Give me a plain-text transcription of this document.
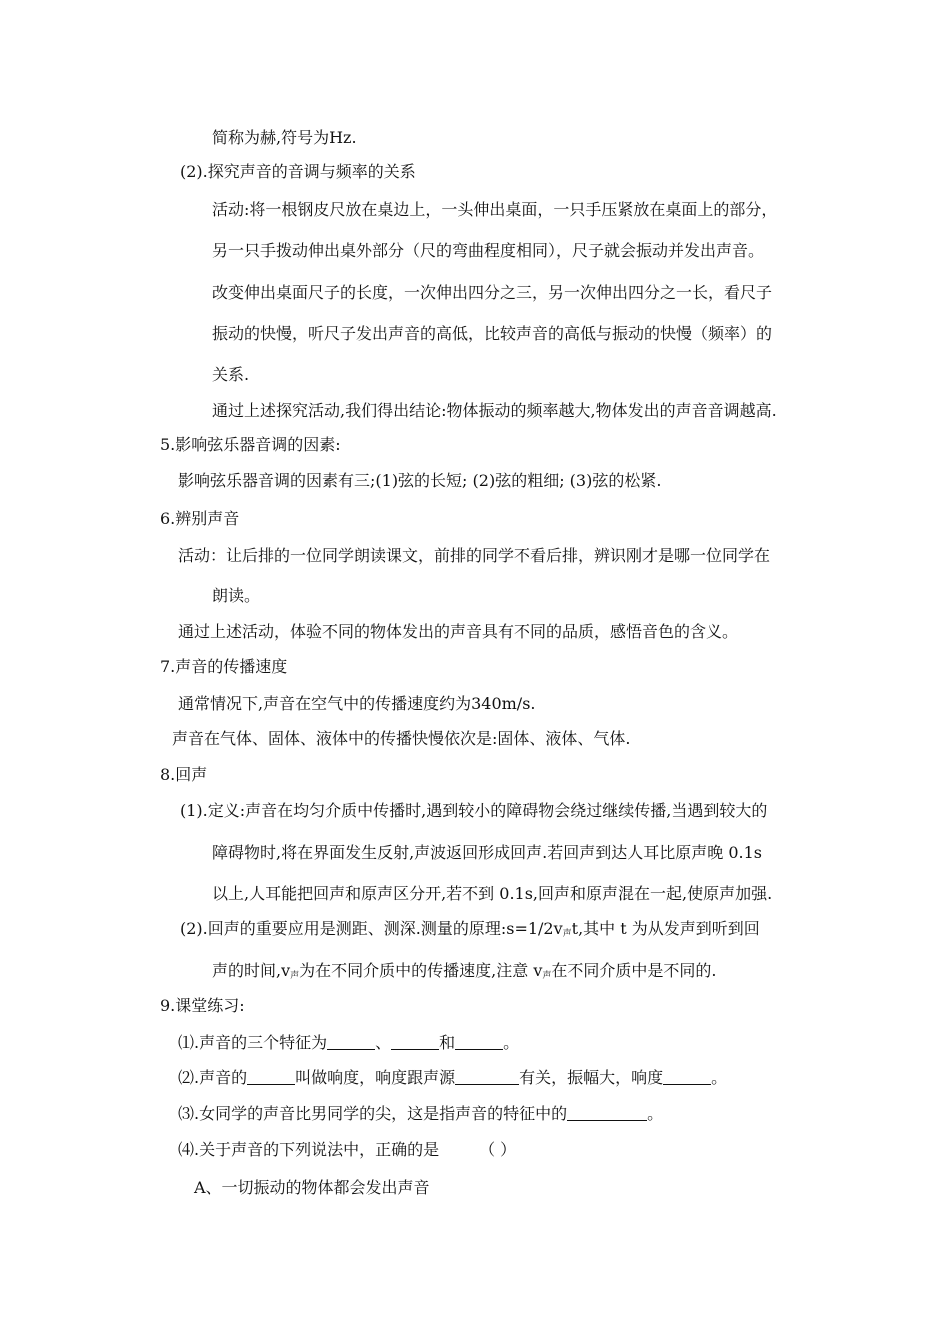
简称为赫,符号为Hz.
(2).探究声音的音调与频率的关系
活动:将一根钢皮尺放在桌边上，一头伸出桌面，一只手压紧放在桌面上的部分，
另一只手拨动伸出桌外部分（尺的弯曲程度相同），尺子就会振动并发出声音。
改变伸出桌面尺子的长度，一次伸出四分之三，另一次伸出四分之一长，看尺子
振动的快慢，听尺子发出声音的高低，比较声音的高低与振动的快慢（频率）的
关系.
通过上述探究活动,我们得出结论:物体振动的频率越大,物体发出的声音音调越高.
5.影响弦乐器音调的因素:
影响弦乐器音调的因素有三;(1)弦的长短; (2)弦的粗细; (3)弦的松紧.
6.辨别声音
活动：让后排的一位同学朗读课文，前排的同学不看后排，辨识刚才是哪一位同学在
朗读。
通过上述活动，体验不同的物体发出的声音具有不同的品质，感悟音色的含义。
7.声音的传播速度
通常情况下,声音在空气中的传播速度约为340m/s.
声音在气体、固体、液体中的传播快慢依次是:固体、液体、气体.
8.回声
(1).定义:声音在均匀介质中传播时,遇到较小的障碍物会绕过继续传播,当遇到较大的
障碍物时,将在界面发生反射,声波返回形成回声.若回声到达人耳比原声晚 0.1s
以上,人耳能把回声和原声区分开,若不到 0.1s,回声和原声混在一起,使原声加强.
(2).回声的重要应用是测距、测深.测量的原理$:s=1/2v_声t$,其中 t 为从发声到听到回
声的时间$,v_声$为在不同介质中的传播速度,注意 $v_声$在不同介质中是不同的.
9.课堂练习:
⑴.声音的三个特征为	、	和	。
⑵.声音的	叫做响度，响度跟声源	有关，振幅大，响度	。
⑶.女同学的声音比男同学的尖，这是指声音的特征中的	。
⑷.关于声音的下列说法中，正确的是	（ ）
A、一切振动的物体都会发出声音
